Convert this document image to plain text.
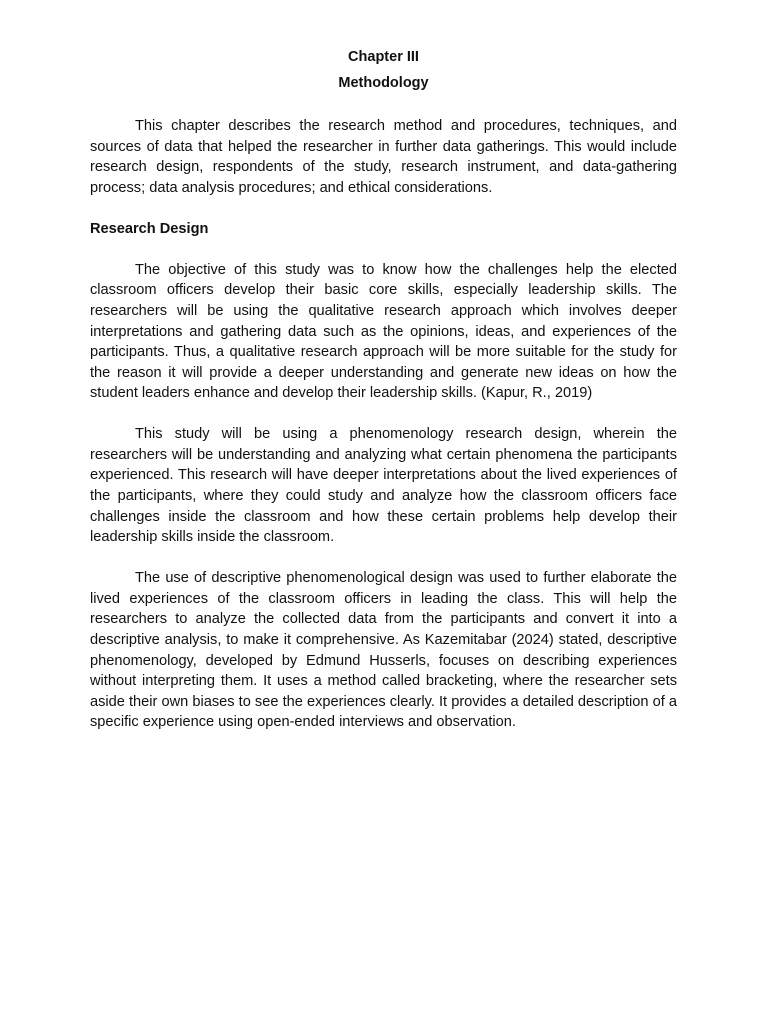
Chapter III
Methodology

This chapter describes the research method and procedures, techniques, and sources of data that helped the researcher in further data gatherings. This would include research design, respondents of the study, research instrument, and data-gathering process; data analysis procedures; and ethical considerations.

Research Design

The objective of this study was to know how the challenges help the elected classroom officers develop their basic core skills, especially leadership skills. The researchers will be using the qualitative research approach which involves deeper interpretations and gathering data such as the opinions, ideas, and experiences of the participants. Thus, a qualitative research approach will be more suitable for the study for the reason it will provide a deeper understanding and generate new ideas on how the student leaders enhance and develop their leadership skills. (Kapur, R., 2019)

This study will be using a phenomenology research design, wherein the researchers will be understanding and analyzing what certain phenomena the participants experienced. This research will have deeper interpretations about the lived experiences of the participants, where they could study and analyze how the classroom officers face challenges inside the classroom and how these certain problems help develop their leadership skills inside the classroom.

The use of descriptive phenomenological design was used to further elaborate the lived experiences of the classroom officers in leading the class. This will help the researchers to analyze the collected data from the participants and convert it into a descriptive analysis, to make it comprehensive. As Kazemitabar (2024) stated, descriptive phenomenology, developed by Edmund Husserls, focuses on describing experiences without interpreting them. It uses a method called bracketing, where the researcher sets aside their own biases to see the experiences clearly. It provides a detailed description of a specific experience using open-ended interviews and observation.
